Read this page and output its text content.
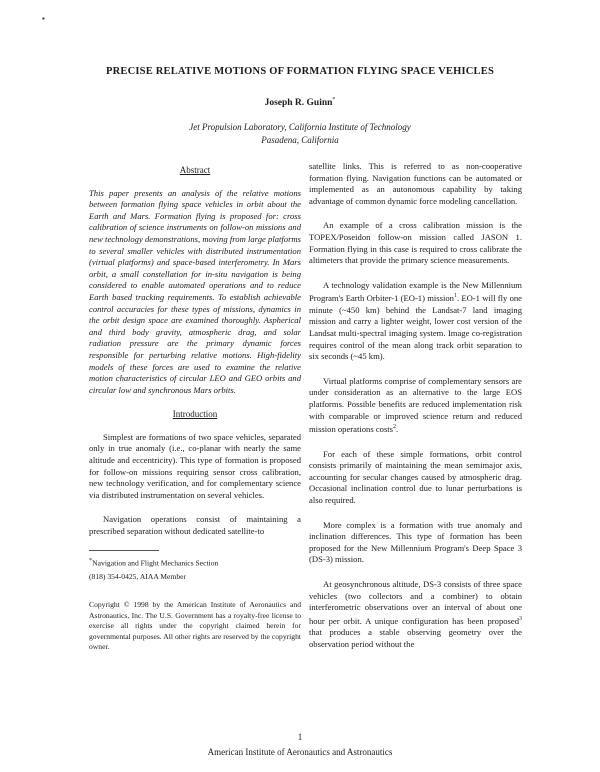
▪
PRECISE RELATIVE MOTIONS OF FORMATION FLYING SPACE VEHICLES
Joseph R. Guinn*
Jet Propulsion Laboratory, California Institute of Technology
Pasadena, California
Abstract

This paper presents an analysis of the relative motions between formation flying space vehicles in orbit about the Earth and Mars. Formation flying is proposed for: cross calibration of science instruments on follow-on missions and new technology demonstrations, moving from large platforms to several smaller vehicles with distributed instrumentation (virtual platforms) and space-based interferometry. In Mars orbit, a small constellation for in-situ navigation is being considered to enable automated operations and to reduce Earth based tracking requirements. To establish achievable control accuracies for these types of missions, dynamics in the orbit design space are examined thoroughly. Aspherical and third body gravity, atmospheric drag, and solar radiation pressure are the primary dynamic forces responsible for perturbing relative motions. High-fidelity models of these forces are used to examine the relative motion characteristics of circular LEO and GEO orbits and circular low and synchronous Mars orbits.

Introduction

Simplest are formations of two space vehicles, separated only in true anomaly (i.e., co-planar with nearly the same altitude and eccentricity). This type of formation is proposed for follow-on missions requiring sensor cross calibration, new technology verification, and for complementary science via distributed instrumentation on several vehicles.

Navigation operations consist of maintaining a prescribed separation without dedicated satellite-to

*Navigation and Flight Mechanics Section

(818) 354-0425, AIAA Member

Copyright © 1998 by the American Institute of Aeronautics and Astronautics, Inc. The U.S. Government has a royalty-free license to exercise all rights under the copyright claimed herein for governmental purposes. All other rights are reserved by the copyright owner.

satellite links. This is referred to as non-cooperative formation flying. Navigation functions can be automated or implemented as an autonomous capability by taking advantage of common dynamic force modeling cancellation.

An example of a cross calibration mission is the TOPEX/Poseidon follow-on mission called JASON 1. Formation flying in this case is required to cross calibrate the altimeters that provide the primary science measurements.

A technology validation example is the New Millennium Program's Earth Orbiter-1 (EO-1) mission$^1$. EO-1 will fly one minute (~450 km) behind the Landsat-7 land imaging mission and carry a lighter weight, lower cost version of the Landsat multi-spectral imaging system. Image co-registration requires control of the mean along track orbit separation to six seconds (~45 km).

Virtual platforms comprise of complementary sensors are under consideration as an alternative to the large EOS platforms. Possible benefits are reduced implementation risk with comparable or improved science return and reduced mission operations costs$^2$.

For each of these simple formations, orbit control consists primarily of maintaining the mean semimajor axis, accounting for secular changes caused by atmospheric drag. Occasional inclination control due to lunar perturbations is also required.

More complex is a formation with true anomaly and inclination differences. This type of formation has been proposed for the New Millennium Program's Deep Space 3 (DS-3) mission.

At geosynchronous altitude, DS-3 consists of three space vehicles (two collectors and a combiner) to obtain interferometric observations over an interval of about one hour per orbit. A unique configuration has been proposed$^3$ that produces a stable observing geometry over the observation period without the

1
American Institute of Aeronautics and Astronautics
